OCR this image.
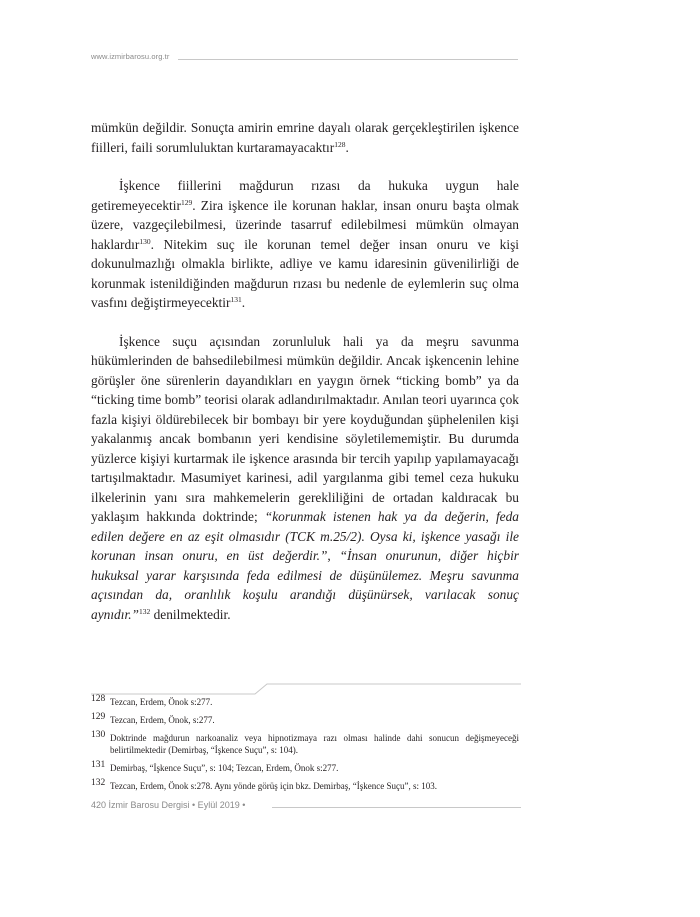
www.izmirbarosu.org.tr

mümkün değildir. Sonuçta amirin emrine dayalı olarak gerçekleştirilen işkence fiilleri, faili sorumluluktan kurtaramayacaktır$^{128}$.

İşkence fiillerini mağdurun rızası da hukuka uygun hale getiremeyecektir$^{129}$. Zira işkence ile korunan haklar, insan onuru başta olmak üzere, vazgeçilebilmesi, üzerinde tasarruf edilebilmesi mümkün olmayan haklardır$^{130}$. Nitekim suç ile korunan temel değer insan onuru ve kişi dokunulmazlığı olmakla birlikte, adliye ve kamu idaresinin güvenilirliği de korunmak istenildiğinden mağdurun rızası bu nedenle de eylemlerin suç olma vasfını değiştirmeyecektir$^{131}$.

İşkence suçu açısından zorunluluk hali ya da meşru savunma hükümlerinden de bahsedilebilmesi mümkün değildir. Ancak işkencenin lehine görüşler öne sürenlerin dayandıkları en yaygın örnek “ticking bomb” ya da “ticking time bomb” teorisi olarak adlandırılmaktadır. Anılan teori uyarınca çok fazla kişiyi öldürebilecek bir bombayı bir yere koyduğundan şüphelenilen kişi yakalanmış ancak bombanın yeri kendisine söyletilememiştir. Bu durumda yüzlerce kişiyi kurtarmak ile işkence arasında bir tercih yapılıp yapılamayacağı tartışılmaktadır. Masumiyet karinesi, adil yargılanma gibi temel ceza hukuku ilkelerinin yanı sıra mahkemelerin gerekliliğini de ortadan kaldıracak bu yaklaşım hakkında doktrinde; “korunmak istenen hak ya da değerin, feda edilen değere en az eşit olmasıdır (TCK m.25/2). Oysa ki, işkence yasağı ile korunan insan onuru, en üst değerdir.”, “İnsan onurunun, diğer hiçbir hukuksal yarar karşısında feda edilmesi de düşünülemez. Meşru savunma açısından da, oranlılık koşulu arandığı düşünürsek, varılacak sonuç aynıdır.”$^{132}$ denilmektedir.

128 Tezcan, Erdem, Önok s:277.
129 Tezcan, Erdem, Önok, s:277.
130 Doktrinde mağdurun narkoanaliz veya hipnotizmaya razı olması halinde dahi sonucun değişmeyeceği belirtilmektedir (Demirbaş, “İşkence Suçu”, s: 104).
131 Demirbaş, “İşkence Suçu”, s: 104; Tezcan, Erdem, Önok s:277.
132 Tezcan, Erdem, Önok s:278. Aynı yönde görüş için bkz. Demirbaş, “İşkence Suçu”, s: 103.
420 İzmir Barosu Dergisi • Eylül 2019 •
